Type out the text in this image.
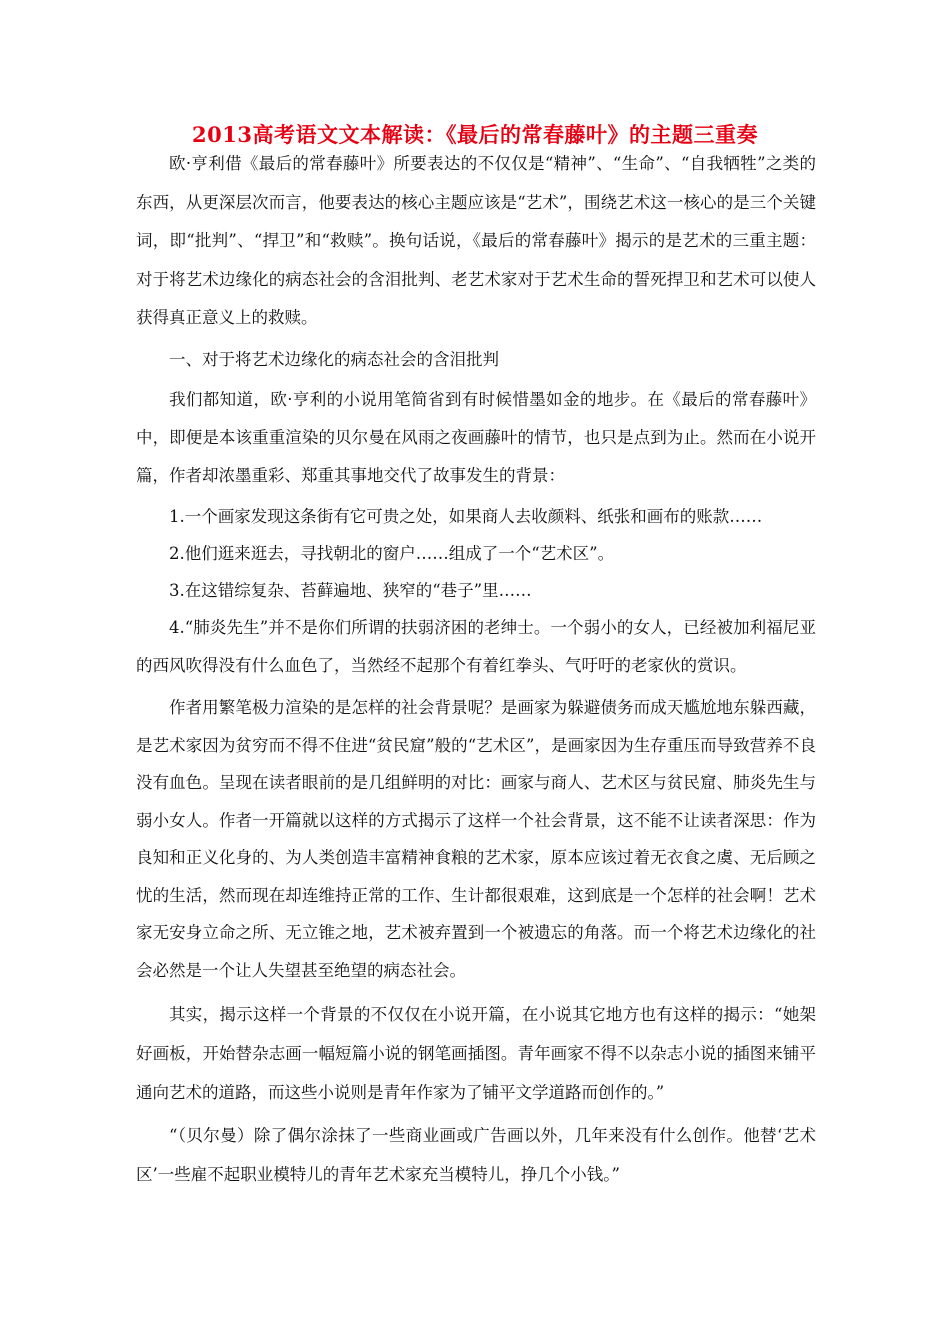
2013高考语文文本解读：《最后的常春藤叶》的主题三重奏

欧·亨利借《最后的常春藤叶》所要表达的不仅仅是“精神”、“生命”、“自我牺牲”之类的东西，从更深层次而言，他要表达的核心主题应该是“艺术”，围绕艺术这一核心的是三个关键词，即“批判”、“捍卫”和“救赎”。换句话说，《最后的常春藤叶》揭示的是艺术的三重主题：对于将艺术边缘化的病态社会的含泪批判、老艺术家对于艺术生命的誓死捍卫和艺术可以使人获得真正意义上的救赎。

一、对于将艺术边缘化的病态社会的含泪批判

我们都知道，欧·亨利的小说用笔简省到有时候惜墨如金的地步。在《最后的常春藤叶》中，即便是本该重重渲染的贝尔曼在风雨之夜画藤叶的情节，也只是点到为止。然而在小说开篇，作者却浓墨重彩、郑重其事地交代了故事发生的背景：

1.一个画家发现这条街有它可贵之处，如果商人去收颜料、纸张和画布的账款……

2.他们逛来逛去，寻找朝北的窗户……组成了一个“艺术区”。

3.在这错综复杂、苔藓遍地、狭窄的“巷子”里……

4.“肺炎先生”并不是你们所谓的扶弱济困的老绅士。一个弱小的女人，已经被加利福尼亚的西风吹得没有什么血色了，当然经不起那个有着红拳头、气吁吁的老家伙的赏识。

作者用繁笔极力渲染的是怎样的社会背景呢？是画家为躲避债务而成天尴尬地东躲西藏，是艺术家因为贫穷而不得不住进“贫民窟”般的“艺术区”，是画家因为生存重压而导致营养不良没有血色。呈现在读者眼前的是几组鲜明的对比：画家与商人、艺术区与贫民窟、肺炎先生与弱小女人。作者一开篇就以这样的方式揭示了这样一个社会背景，这不能不让读者深思：作为良知和正义化身的、为人类创造丰富精神食粮的艺术家，原本应该过着无衣食之虞、无后顾之忧的生活，然而现在却连维持正常的工作、生计都很艰难，这到底是一个怎样的社会啊！艺术家无安身立命之所、无立锥之地，艺术被弃置到一个被遗忘的角落。而一个将艺术边缘化的社会必然是一个让人失望甚至绝望的病态社会。

其实，揭示这样一个背景的不仅仅在小说开篇，在小说其它地方也有这样的揭示：“她架好画板，开始替杂志画一幅短篇小说的钢笔画插图。青年画家不得不以杂志小说的插图来铺平通向艺术的道路，而这些小说则是青年作家为了铺平文学道路而创作的。”

“（贝尔曼）除了偶尔涂抹了一些商业画或广告画以外，几年来没有什么创作。他替‘艺术区’一些雇不起职业模特儿的青年艺术家充当模特儿，挣几个小钱。”
